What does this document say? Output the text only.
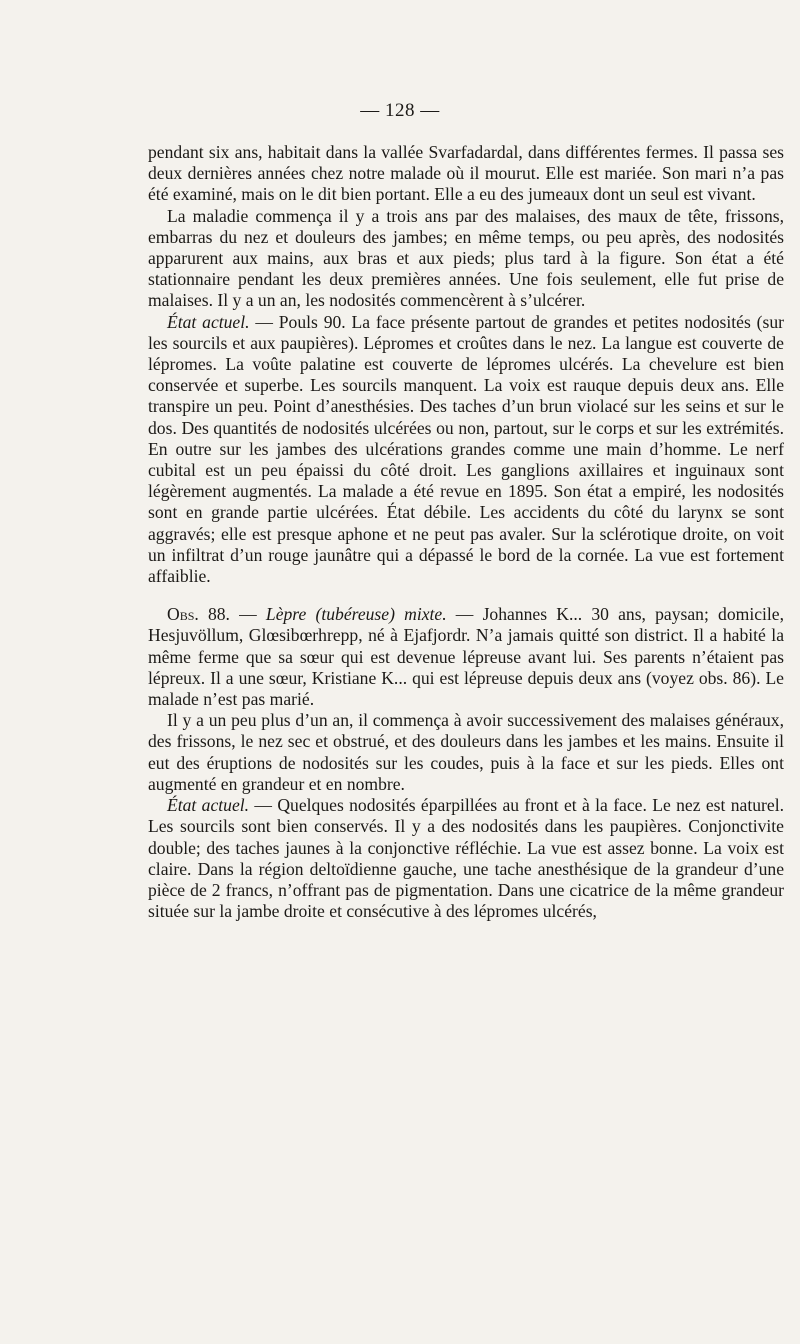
— 128 —

pendant six ans, habitait dans la vallée Svarfadardal, dans différentes fermes. Il passa ses deux dernières années chez notre malade où il mourut. Elle est mariée. Son mari n’a pas été examiné, mais on le dit bien portant. Elle a eu des jumeaux dont un seul est vivant.

La maladie commença il y a trois ans par des malaises, des maux de tête, frissons, embarras du nez et douleurs des jambes; en même temps, ou peu après, des nodosités apparurent aux mains, aux bras et aux pieds; plus tard à la figure. Son état a été stationnaire pendant les deux premières années. Une fois seulement, elle fut prise de malaises. Il y a un an, les nodosités commencèrent à s’ulcérer.

État actuel. — Pouls 90. La face présente partout de grandes et petites nodosités (sur les sourcils et aux paupières). Lépromes et croûtes dans le nez. La langue est couverte de lépromes. La voûte palatine est couverte de lépromes ulcérés. La chevelure est bien conservée et superbe. Les sourcils manquent. La voix est rauque depuis deux ans. Elle transpire un peu. Point d’anesthésies. Des taches d’un brun violacé sur les seins et sur le dos. Des quantités de nodosités ulcérées ou non, partout, sur le corps et sur les extrémités. En outre sur les jambes des ulcérations grandes comme une main d’homme. Le nerf cubital est un peu épaissi du côté droit. Les ganglions axillaires et inguinaux sont légèrement augmentés. La malade a été revue en 1895. Son état a empiré, les nodosités sont en grande partie ulcérées. État débile. Les accidents du côté du larynx se sont aggravés; elle est presque aphone et ne peut pas avaler. Sur la sclérotique droite, on voit un infiltrat d’un rouge jaunâtre qui a dépassé le bord de la cornée. La vue est fortement affaiblie.

Obs. 88. — Lèpre (tubéreuse) mixte. — Johannes K... 30 ans, paysan; domicile, Hesjuvöllum, Glœsibœrhrepp, né à Ejafjordr. N’a jamais quitté son district. Il a habité la même ferme que sa sœur qui est devenue lépreuse avant lui. Ses parents n’étaient pas lépreux. Il a une sœur, Kristiane K... qui est lépreuse depuis deux ans (voyez obs. 86). Le malade n’est pas marié.

Il y a un peu plus d’un an, il commença à avoir successivement des malaises généraux, des frissons, le nez sec et obstrué, et des douleurs dans les jambes et les mains. Ensuite il eut des éruptions de nodosités sur les coudes, puis à la face et sur les pieds. Elles ont augmenté en grandeur et en nombre.

État actuel. — Quelques nodosités éparpillées au front et à la face. Le nez est naturel. Les sourcils sont bien conservés. Il y a des nodosités dans les paupières. Conjonctivite double; des taches jaunes à la conjonctive réfléchie. La vue est assez bonne. La voix est claire. Dans la région deltoïdienne gauche, une tache anesthésique de la grandeur d’une pièce de 2 francs, n’offrant pas de pigmentation. Dans une cicatrice de la même grandeur située sur la jambe droite et consécutive à des lépromes ulcérés,
